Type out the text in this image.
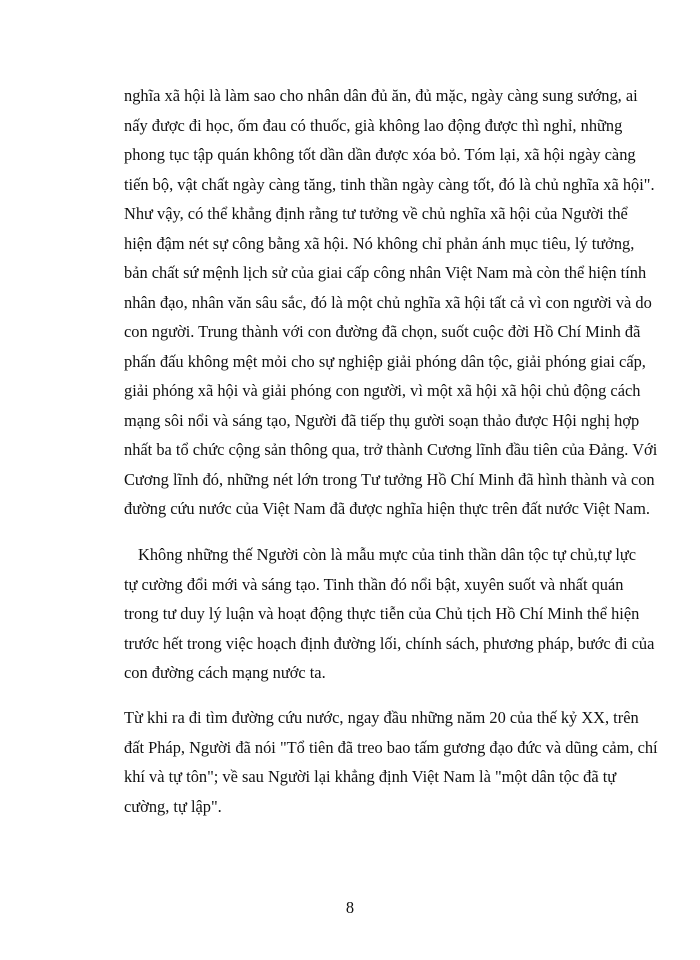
nghĩa xã hội là làm sao cho nhân dân đủ ăn, đủ mặc, ngày càng sung sướng, ai
nấy được đi học, ốm đau có thuốc, già không lao động được thì nghỉ, những
phong tục tập quán không tốt dần dần được xóa bỏ. Tóm lại, xã hội ngày càng
tiến bộ, vật chất ngày càng tăng, tinh thần ngày càng tốt, đó là chủ nghĩa xã hội".
Như vậy, có thể khẳng định rằng tư tưởng về chủ nghĩa xã hội của Người thể
hiện đậm nét sự công bằng xã hội. Nó không chỉ phản ánh mục tiêu, lý tưởng,
bản chất sứ mệnh lịch sử của giai cấp công nhân Việt Nam mà còn thể hiện tính
nhân đạo, nhân văn sâu sắc, đó là một chủ nghĩa xã hội tất cả vì con người và do
con người. Trung thành với con đường đã chọn, suốt cuộc đời Hồ Chí Minh đã
phấn đấu không mệt mỏi cho sự nghiệp giải phóng dân tộc, giải phóng giai cấp,
giải phóng xã hội và giải phóng con người, vì một xã hội xã hội chủ động cách
mạng sôi nổi và sáng tạo, Người đã tiếp thụ gười soạn thảo được Hội nghị hợp
nhất ba tổ chức cộng sản thông qua, trở thành Cương lĩnh đầu tiên của Đảng. Với
Cương lĩnh đó, những nét lớn trong Tư tưởng Hồ Chí Minh đã hình thành và con
đường cứu nước của Việt Nam đã được nghĩa hiện thực trên đất nước Việt Nam.
Không những thế Người còn là mẫu mực của tinh thần dân tộc tự chủ,tự lực
tự cường đổi mới và sáng tạo. Tinh thần đó nổi bật, xuyên suốt và nhất quán
trong tư duy lý luận và hoạt động thực tiễn của Chủ tịch Hồ Chí Minh thể hiện
trước hết trong việc hoạch định đường lối, chính sách, phương pháp, bước đi của
con đường cách mạng nước ta.
Từ khi ra đi tìm đường cứu nước, ngay đầu những năm 20 của thế kỷ XX, trên
đất Pháp, Người đã nói "Tổ tiên đã treo bao tấm gương đạo đức và dũng cảm, chí
khí và tự tôn"; về sau Người lại khẳng định Việt Nam là "một dân tộc đã tự
cường, tự lập".
8
